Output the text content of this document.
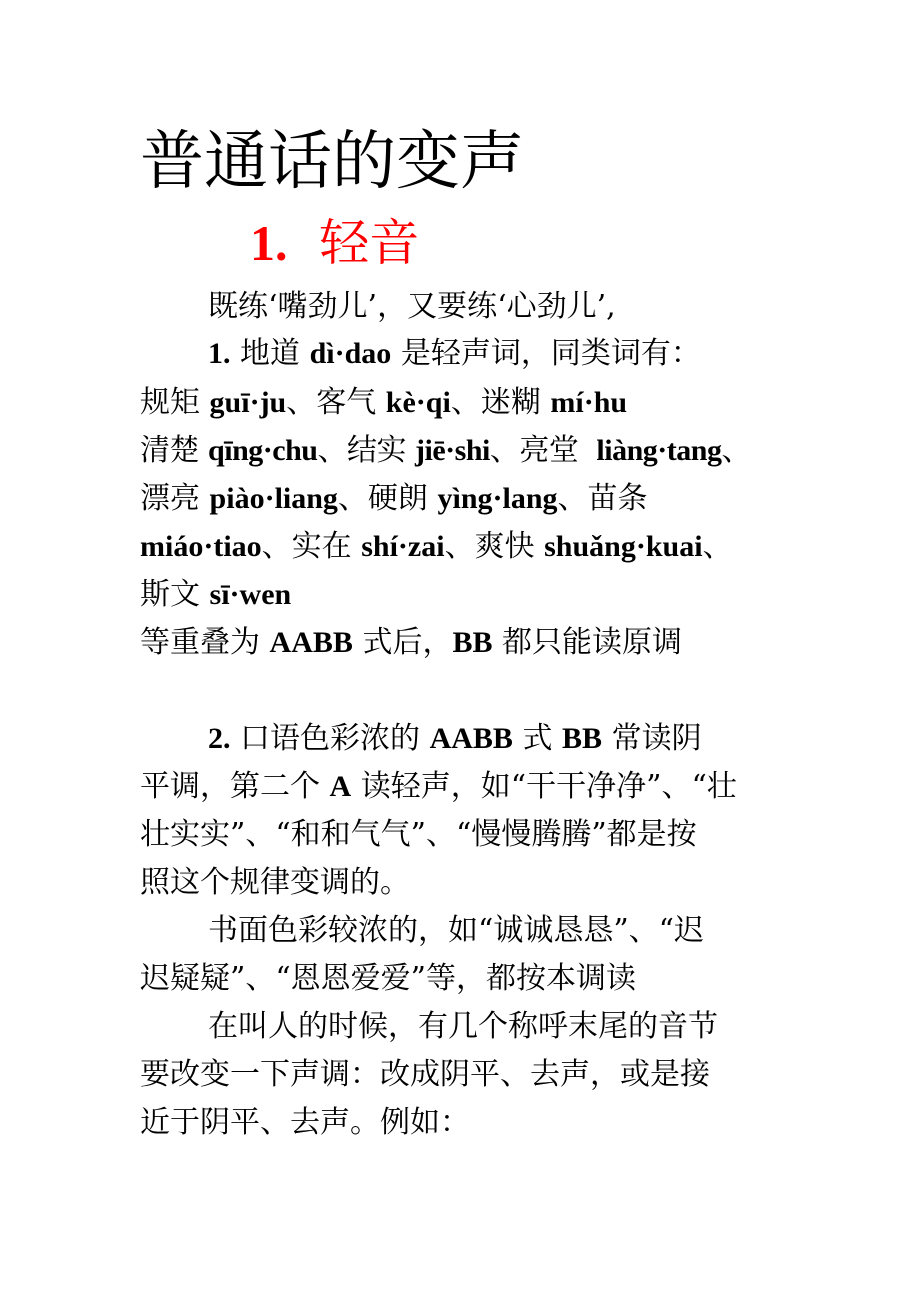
普通话的变声
1. 轻音

既练‘嘴劲儿’，又要练‘心劲儿’,

1. 地道 dì·dao 是轻声词，同类词有：

规矩 guī·ju、客气 kè·qi、迷糊 mí·hu

清楚 qīng·chu、结实 jiē·shi、亮堂 liàng·tang、

漂亮 piào·liang、硬朗 yìng·lang、苗条

miáo·tiao、实在 shí·zai、爽快 shuǎng·kuai、

斯文 sī·wen

等重叠为 AABB 式后，BB 都只能读原调

2. 口语色彩浓的 AABB 式 BB 常读阴

平调，第二个 A 读轻声，如“干干净净”、“壮

壮实实”、“和和气气”、“慢慢腾腾”都是按

照这个规律变调的。

书面色彩较浓的，如“诚诚恳恳”、“迟

迟疑疑”、“恩恩爱爱”等，都按本调读

在叫人的时候，有几个称呼末尾的音节

要改变一下声调：改成阴平、去声，或是接

近于阴平、去声。例如：
